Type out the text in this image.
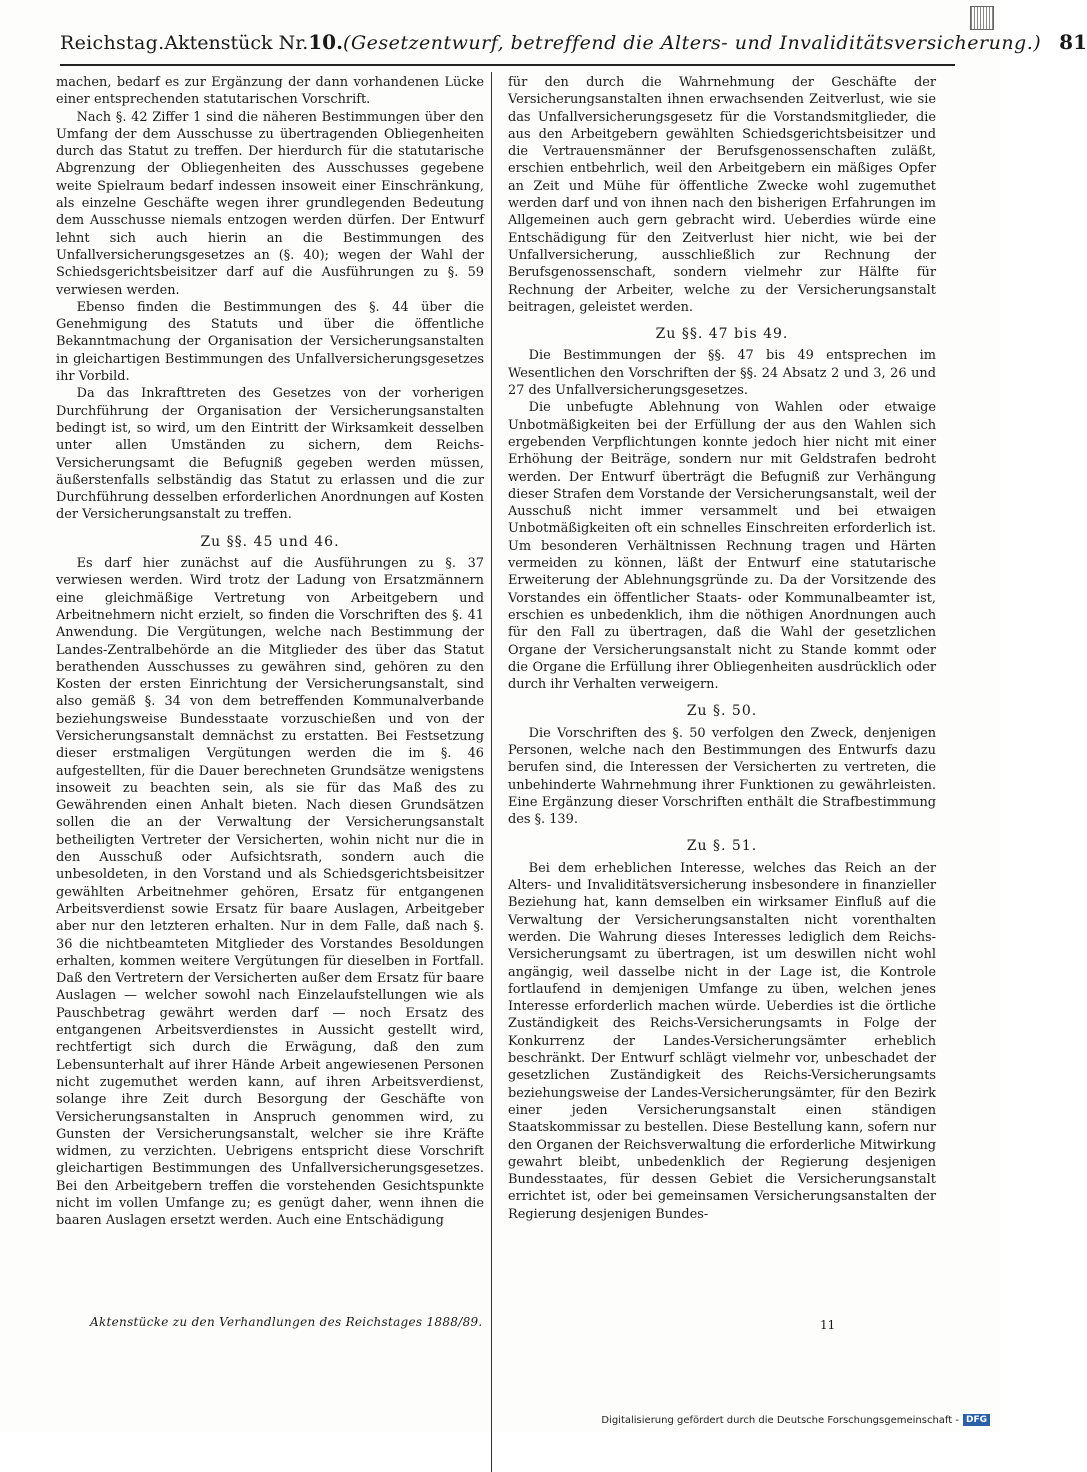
Reichstag. Aktenstück Nr. 10. (Gesetzentwurf, betreffend die Alters- und Invaliditätsversicherung.) 81

machen, bedarf es zur Ergänzung der dann vorhandenen Lücke einer entsprechenden statutarischen Vorschrift.

Nach §. 42 Ziffer 1 sind die näheren Bestimmungen über den Umfang der dem Ausschusse zu übertragenden Obliegenheiten durch das Statut zu treffen. Der hierdurch für die statutarische Abgrenzung der Obliegenheiten des Ausschusses gegebene weite Spielraum bedarf indessen insoweit einer Einschränkung, als einzelne Geschäfte wegen ihrer grundlegenden Bedeutung dem Ausschusse niemals entzogen werden dürfen. Der Entwurf lehnt sich auch hierin an die Bestimmungen des Unfallversicherungsgesetzes an (§. 40); wegen der Wahl der Schiedsgerichtsbeisitzer darf auf die Ausführungen zu §. 59 verwiesen werden.

Ebenso finden die Bestimmungen des §. 44 über die Genehmigung des Statuts und über die öffentliche Bekanntmachung der Organisation der Versicherungsanstalten in gleichartigen Bestimmungen des Unfallversicherungsgesetzes ihr Vorbild.

Da das Inkrafttreten des Gesetzes von der vorherigen Durchführung der Organisation der Versicherungsanstalten bedingt ist, so wird, um den Eintritt der Wirksamkeit desselben unter allen Umständen zu sichern, dem Reichs-Versicherungsamt die Befugniß gegeben werden müssen, äußerstenfalls selbständig das Statut zu erlassen und die zur Durchführung desselben erforderlichen Anordnungen auf Kosten der Versicherungsanstalt zu treffen.

Zu §§. 45 und 46.

Es darf hier zunächst auf die Ausführungen zu §. 37 verwiesen werden. Wird trotz der Ladung von Ersatzmännern eine gleichmäßige Vertretung von Arbeitgebern und Arbeitnehmern nicht erzielt, so finden die Vorschriften des §. 41 Anwendung. Die Vergütungen, welche nach Bestimmung der Landes-Zentralbehörde an die Mitglieder des über das Statut berathenden Ausschusses zu gewähren sind, gehören zu den Kosten der ersten Einrichtung der Versicherungsanstalt, sind also gemäß §. 34 von dem betreffenden Kommunalverbande beziehungsweise Bundesstaate vorzuschießen und von der Versicherungsanstalt demnächst zu erstatten. Bei Festsetzung dieser erstmaligen Vergütungen werden die im §. 46 aufgestellten, für die Dauer berechneten Grundsätze wenigstens insoweit zu beachten sein, als sie für das Maß des zu Gewährenden einen Anhalt bieten. Nach diesen Grundsätzen sollen die an der Verwaltung der Versicherungsanstalt betheiligten Vertreter der Versicherten, wohin nicht nur die in den Ausschuß oder Aufsichtsrath, sondern auch die unbesoldeten, in den Vorstand und als Schiedsgerichtsbeisitzer gewählten Arbeitnehmer gehören, Ersatz für entgangenen Arbeitsverdienst sowie Ersatz für baare Auslagen, Arbeitgeber aber nur den letzteren erhalten. Nur in dem Falle, daß nach §. 36 die nichtbeamteten Mitglieder des Vorstandes Besoldungen erhalten, kommen weitere Vergütungen für dieselben in Fortfall. Daß den Vertretern der Versicherten außer dem Ersatz für baare Auslagen — welcher sowohl nach Einzelaufstellungen wie als Pauschbetrag gewährt werden darf — noch Ersatz des entgangenen Arbeitsverdienstes in Aussicht gestellt wird, rechtfertigt sich durch die Erwägung, daß den zum Lebensunterhalt auf ihrer Hände Arbeit angewiesenen Personen nicht zugemuthet werden kann, auf ihren Arbeitsverdienst, solange ihre Zeit durch Besorgung der Geschäfte von Versicherungsanstalten in Anspruch genommen wird, zu Gunsten der Versicherungsanstalt, welcher sie ihre Kräfte widmen, zu verzichten. Uebrigens entspricht diese Vorschrift gleichartigen Bestimmungen des Unfallversicherungsgesetzes. Bei den Arbeitgebern treffen die vorstehenden Gesichtspunkte nicht im vollen Umfange zu; es genügt daher, wenn ihnen die baaren Auslagen ersetzt werden. Auch eine Entschädigung

für den durch die Wahrnehmung der Geschäfte der Versicherungsanstalten ihnen erwachsenden Zeitverlust, wie sie das Unfallversicherungsgesetz für die Vorstandsmitglieder, die aus den Arbeitgebern gewählten Schiedsgerichtsbeisitzer und die Vertrauensmänner der Berufsgenossenschaften zuläßt, erschien entbehrlich, weil den Arbeitgebern ein mäßiges Opfer an Zeit und Mühe für öffentliche Zwecke wohl zugemuthet werden darf und von ihnen nach den bisherigen Erfahrungen im Allgemeinen auch gern gebracht wird. Ueberdies würde eine Entschädigung für den Zeitverlust hier nicht, wie bei der Unfallversicherung, ausschließlich zur Rechnung der Berufsgenossenschaft, sondern vielmehr zur Hälfte für Rechnung der Arbeiter, welche zu der Versicherungsanstalt beitragen, geleistet werden.

Zu §§. 47 bis 49.

Die Bestimmungen der §§. 47 bis 49 entsprechen im Wesentlichen den Vorschriften der §§. 24 Absatz 2 und 3, 26 und 27 des Unfallversicherungsgesetzes.

Die unbefugte Ablehnung von Wahlen oder etwaige Unbotmäßigkeiten bei der Erfüllung der aus den Wahlen sich ergebenden Verpflichtungen konnte jedoch hier nicht mit einer Erhöhung der Beiträge, sondern nur mit Geldstrafen bedroht werden. Der Entwurf überträgt die Befugniß zur Verhängung dieser Strafen dem Vorstande der Versicherungsanstalt, weil der Ausschuß nicht immer versammelt und bei etwaigen Unbotmäßigkeiten oft ein schnelles Einschreiten erforderlich ist. Um besonderen Verhältnissen Rechnung tragen und Härten vermeiden zu können, läßt der Entwurf eine statutarische Erweiterung der Ablehnungsgründe zu. Da der Vorsitzende des Vorstandes ein öffentlicher Staats- oder Kommunalbeamter ist, erschien es unbedenklich, ihm die nöthigen Anordnungen auch für den Fall zu übertragen, daß die Wahl der gesetzlichen Organe der Versicherungsanstalt nicht zu Stande kommt oder die Organe die Erfüllung ihrer Obliegenheiten ausdrücklich oder durch ihr Verhalten verweigern.

Zu §. 50.

Die Vorschriften des §. 50 verfolgen den Zweck, denjenigen Personen, welche nach den Bestimmungen des Entwurfs dazu berufen sind, die Interessen der Versicherten zu vertreten, die unbehinderte Wahrnehmung ihrer Funktionen zu gewährleisten. Eine Ergänzung dieser Vorschriften enthält die Strafbestimmung des §. 139.

Zu §. 51.

Bei dem erheblichen Interesse, welches das Reich an der Alters- und Invaliditätsversicherung insbesondere in finanzieller Beziehung hat, kann demselben ein wirksamer Einfluß auf die Verwaltung der Versicherungsanstalten nicht vorenthalten werden. Die Wahrung dieses Interesses lediglich dem Reichs-Versicherungsamt zu übertragen, ist um deswillen nicht wohl angängig, weil dasselbe nicht in der Lage ist, die Kontrole fortlaufend in demjenigen Umfange zu üben, welchen jenes Interesse erforderlich machen würde. Ueberdies ist die örtliche Zuständigkeit des Reichs-Versicherungsamts in Folge der Konkurrenz der Landes-Versicherungsämter erheblich beschränkt. Der Entwurf schlägt vielmehr vor, unbeschadet der gesetzlichen Zuständigkeit des Reichs-Versicherungsamts beziehungsweise der Landes-Versicherungsämter, für den Bezirk einer jeden Versicherungsanstalt einen ständigen Staatskommissar zu bestellen. Diese Bestellung kann, sofern nur den Organen der Reichsverwaltung die erforderliche Mitwirkung gewahrt bleibt, unbedenklich der Regierung desjenigen Bundesstaates, für dessen Gebiet die Versicherungsanstalt errichtet ist, oder bei gemeinsamen Versicherungsanstalten der Regierung desjenigen Bundes-

Aktenstücke zu den Verhandlungen des Reichstages 1888/89.	11
Digitalisierung gefördert durch die Deutsche Forschungsgemeinschaft - DFG
